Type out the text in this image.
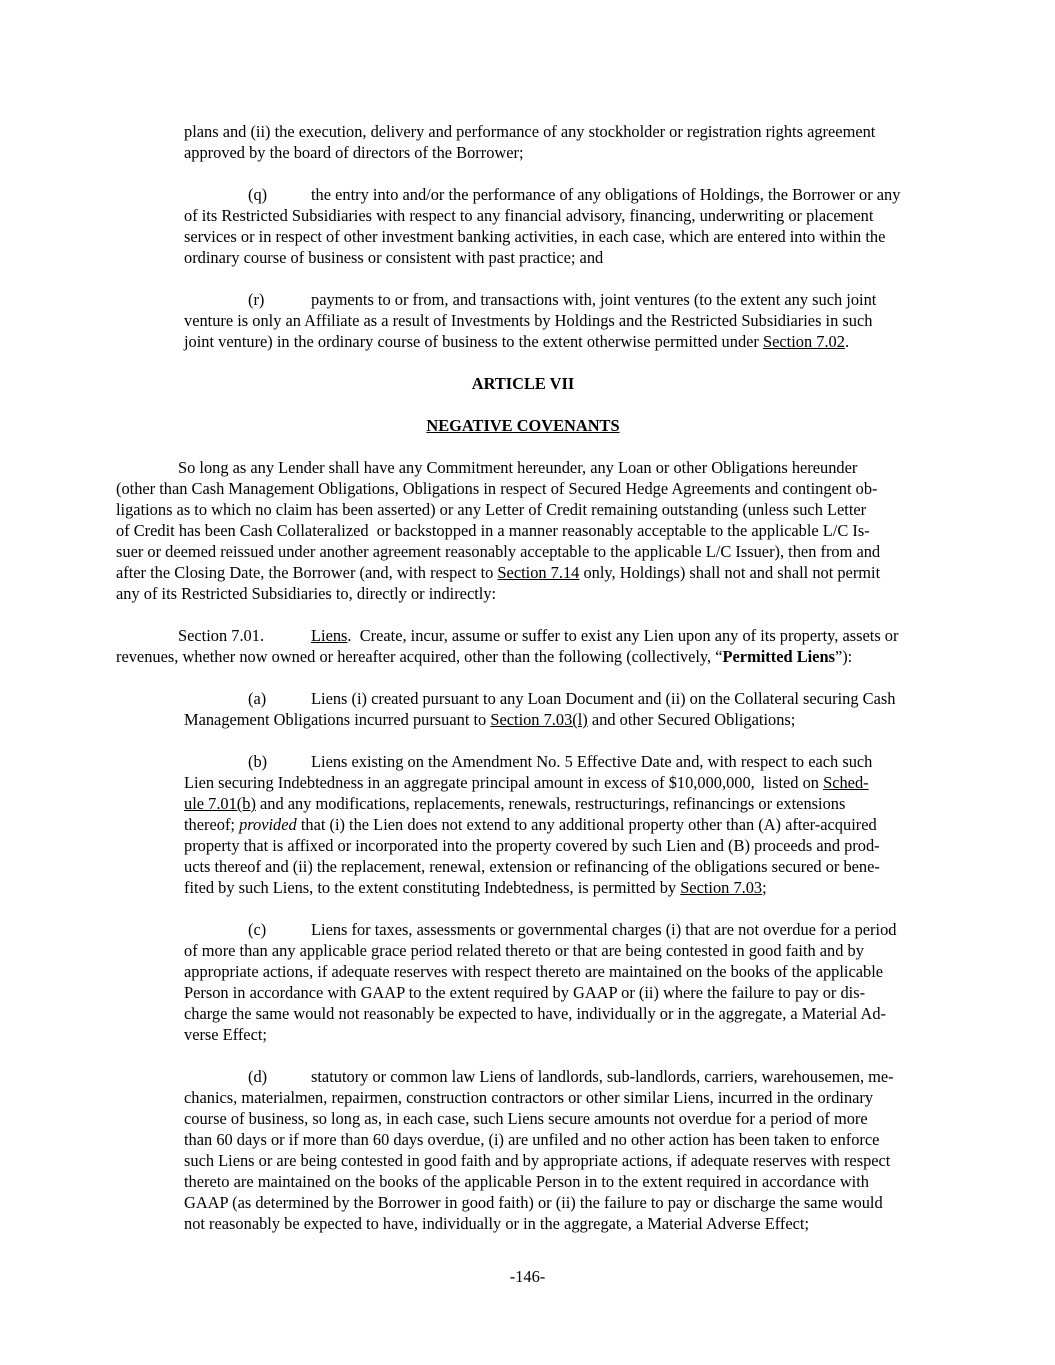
plans and (ii) the execution, delivery and performance of any stockholder or registration rights agreement
approved by the board of directors of the Borrower;
(q)	the entry into and/or the performance of any obligations of Holdings, the Borrower or any
of its Restricted Subsidiaries with respect to any financial advisory, financing, underwriting or placement
services or in respect of other investment banking activities, in each case, which are entered into within the
ordinary course of business or consistent with past practice; and
(r)	payments to or from, and transactions with, joint ventures (to the extent any such joint
venture is only an Affiliate as a result of Investments by Holdings and the Restricted Subsidiaries in such
joint venture) in the ordinary course of business to the extent otherwise permitted under Section 7.02.
ARTICLE VII
NEGATIVE COVENANTS
So long as any Lender shall have any Commitment hereunder, any Loan or other Obligations hereunder
(other than Cash Management Obligations, Obligations in respect of Secured Hedge Agreements and contingent ob-
ligations as to which no claim has been asserted) or any Letter of Credit remaining outstanding (unless such Letter
of Credit has been Cash Collateralized  or backstopped in a manner reasonably acceptable to the applicable L/C Is-
suer or deemed reissued under another agreement reasonably acceptable to the applicable L/C Issuer), then from and
after the Closing Date, the Borrower (and, with respect to Section 7.14 only, Holdings) shall not and shall not permit
any of its Restricted Subsidiaries to, directly or indirectly:
Section 7.01.	Liens.  Create, incur, assume or suffer to exist any Lien upon any of its property, assets or
revenues, whether now owned or hereafter acquired, other than the following (collectively, “Permitted Liens”):
(a)	Liens (i) created pursuant to any Loan Document and (ii) on the Collateral securing Cash
Management Obligations incurred pursuant to Section 7.03(l) and other Secured Obligations;
(b)	Liens existing on the Amendment No. 5 Effective Date and, with respect to each such
Lien securing Indebtedness in an aggregate principal amount in excess of $10,000,000,  listed on Sched-
ule 7.01(b) and any modifications, replacements, renewals, restructurings, refinancings or extensions
thereof; provided that (i) the Lien does not extend to any additional property other than (A) after-acquired
property that is affixed or incorporated into the property covered by such Lien and (B) proceeds and prod-
ucts thereof and (ii) the replacement, renewal, extension or refinancing of the obligations secured or bene-
fited by such Liens, to the extent constituting Indebtedness, is permitted by Section 7.03;
(c)	Liens for taxes, assessments or governmental charges (i) that are not overdue for a period
of more than any applicable grace period related thereto or that are being contested in good faith and by
appropriate actions, if adequate reserves with respect thereto are maintained on the books of the applicable
Person in accordance with GAAP to the extent required by GAAP or (ii) where the failure to pay or dis-
charge the same would not reasonably be expected to have, individually or in the aggregate, a Material Ad-
verse Effect;
(d)	statutory or common law Liens of landlords, sub-landlords, carriers, warehousemen, me-
chanics, materialmen, repairmen, construction contractors or other similar Liens, incurred in the ordinary
course of business, so long as, in each case, such Liens secure amounts not overdue for a period of more
than 60 days or if more than 60 days overdue, (i) are unfiled and no other action has been taken to enforce
such Liens or are being contested in good faith and by appropriate actions, if adequate reserves with respect
thereto are maintained on the books of the applicable Person in to the extent required in accordance with
GAAP (as determined by the Borrower in good faith) or (ii) the failure to pay or discharge the same would
not reasonably be expected to have, individually or in the aggregate, a Material Adverse Effect;
-146-
